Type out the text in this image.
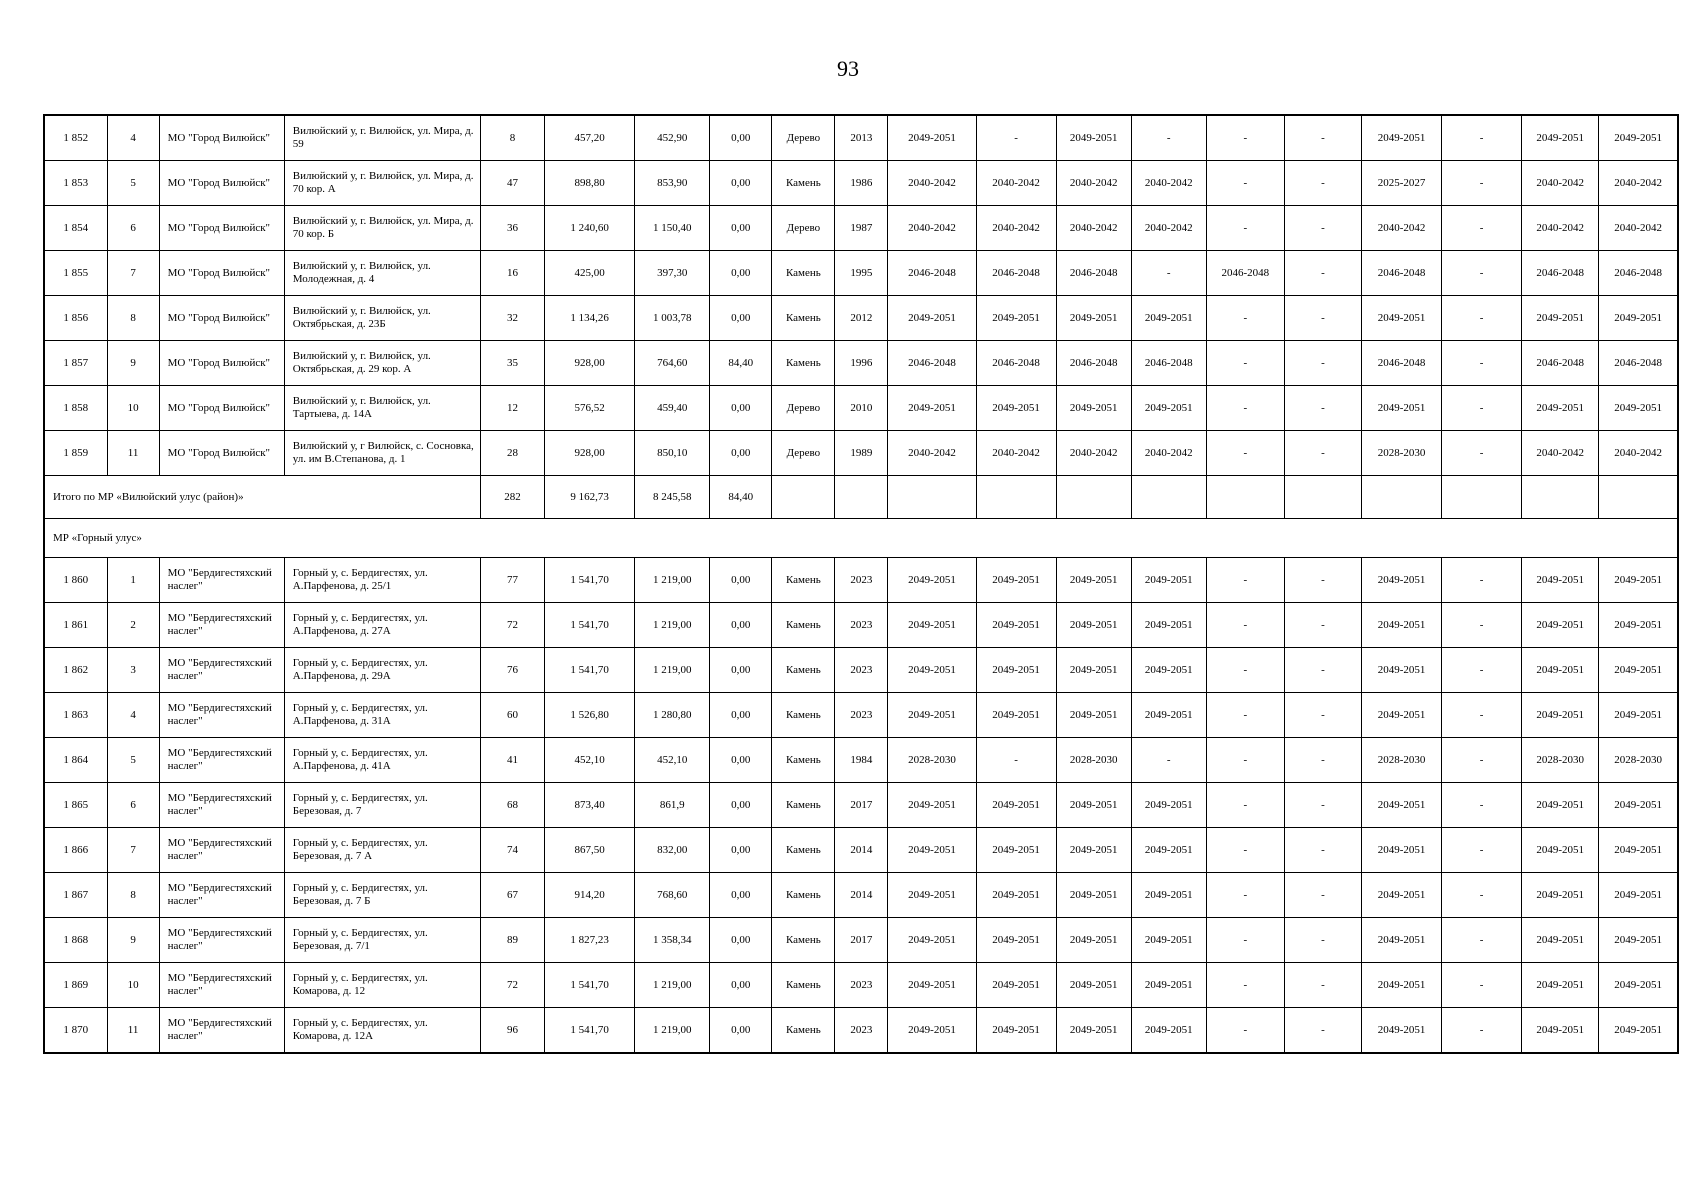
93
1 852	4	МО "Город Вилюйск"	Вилюйский у, г. Вилюйск, ул. Мира, д. 59	8	457,20	452,90	0,00	Дерево	2013	2049-2051	-	2049-2051	-	-	-	2049-2051	-	2049-2051	2049-2051
1 853	5	МО "Город Вилюйск"	Вилюйский у, г. Вилюйск, ул. Мира, д. 70 кор. А	47	898,80	853,90	0,00	Камень	1986	2040-2042	2040-2042	2040-2042	2040-2042	-	-	2025-2027	-	2040-2042	2040-2042
1 854	6	МО "Город Вилюйск"	Вилюйский у, г. Вилюйск, ул. Мира, д. 70 кор. Б	36	1 240,60	1 150,40	0,00	Дерево	1987	2040-2042	2040-2042	2040-2042	2040-2042	-	-	2040-2042	-	2040-2042	2040-2042
1 855	7	МО "Город Вилюйск"	Вилюйский у, г. Вилюйск, ул. Молодежная, д. 4	16	425,00	397,30	0,00	Камень	1995	2046-2048	2046-2048	2046-2048	-	2046-2048	-	2046-2048	-	2046-2048	2046-2048
1 856	8	МО "Город Вилюйск"	Вилюйский у, г. Вилюйск, ул. Октябрьская, д. 23Б	32	1 134,26	1 003,78	0,00	Камень	2012	2049-2051	2049-2051	2049-2051	2049-2051	-	-	2049-2051	-	2049-2051	2049-2051
1 857	9	МО "Город Вилюйск"	Вилюйский у, г. Вилюйск, ул. Октябрьская, д. 29 кор. А	35	928,00	764,60	84,40	Камень	1996	2046-2048	2046-2048	2046-2048	2046-2048	-	-	2046-2048	-	2046-2048	2046-2048
1 858	10	МО "Город Вилюйск"	Вилюйский у, г. Вилюйск, ул. Тартыева, д. 14А	12	576,52	459,40	0,00	Дерево	2010	2049-2051	2049-2051	2049-2051	2049-2051	-	-	2049-2051	-	2049-2051	2049-2051
1 859	11	МО "Город Вилюйск"	Вилюйский у, г Вилюйск, с. Сосновка, ул. им В.Степанова, д. 1	28	928,00	850,10	0,00	Дерево	1989	2040-2042	2040-2042	2040-2042	2040-2042	-	-	2028-2030	-	2040-2042	2040-2042
Итого по МР «Вилюйский улус (район)»				282	9 162,73	8 245,58	84,40												
МР «Горный улус»																			
1 860	1	МО "Бердигестяхский наслег"	Горный у, с. Бердигестях, ул. А.Парфенова, д. 25/1	77	1 541,70	1 219,00	0,00	Камень	2023	2049-2051	2049-2051	2049-2051	2049-2051	-	-	2049-2051	-	2049-2051	2049-2051
1 861	2	МО "Бердигестяхский наслег"	Горный у, с. Бердигестях, ул. А.Парфенова, д. 27А	72	1 541,70	1 219,00	0,00	Камень	2023	2049-2051	2049-2051	2049-2051	2049-2051	-	-	2049-2051	-	2049-2051	2049-2051
1 862	3	МО "Бердигестяхский наслег"	Горный у, с. Бердигестях, ул. А.Парфенова, д. 29А	76	1 541,70	1 219,00	0,00	Камень	2023	2049-2051	2049-2051	2049-2051	2049-2051	-	-	2049-2051	-	2049-2051	2049-2051
1 863	4	МО "Бердигестяхский наслег"	Горный у, с. Бердигестях, ул. А.Парфенова, д. 31А	60	1 526,80	1 280,80	0,00	Камень	2023	2049-2051	2049-2051	2049-2051	2049-2051	-	-	2049-2051	-	2049-2051	2049-2051
1 864	5	МО "Бердигестяхский наслег"	Горный у, с. Бердигестях, ул. А.Парфенова, д. 41А	41	452,10	452,10	0,00	Камень	1984	2028-2030	-	2028-2030	-	-	-	2028-2030	-	2028-2030	2028-2030
1 865	6	МО "Бердигестяхский наслег"	Горный у, с. Бердигестях, ул. Березовая, д. 7	68	873,40	861,9	0,00	Камень	2017	2049-2051	2049-2051	2049-2051	2049-2051	-	-	2049-2051	-	2049-2051	2049-2051
1 866	7	МО "Бердигестяхский наслег"	Горный у, с. Бердигестях, ул. Березовая, д. 7 А	74	867,50	832,00	0,00	Камень	2014	2049-2051	2049-2051	2049-2051	2049-2051	-	-	2049-2051	-	2049-2051	2049-2051
1 867	8	МО "Бердигестяхский наслег"	Горный у, с. Бердигестях, ул. Березовая, д. 7 Б	67	914,20	768,60	0,00	Камень	2014	2049-2051	2049-2051	2049-2051	2049-2051	-	-	2049-2051	-	2049-2051	2049-2051
1 868	9	МО "Бердигестяхский наслег"	Горный у, с. Бердигестях, ул. Березовая, д. 7/1	89	1 827,23	1 358,34	0,00	Камень	2017	2049-2051	2049-2051	2049-2051	2049-2051	-	-	2049-2051	-	2049-2051	2049-2051
1 869	10	МО "Бердигестяхский наслег"	Горный у, с. Бердигестях, ул. Комарова, д. 12	72	1 541,70	1 219,00	0,00	Камень	2023	2049-2051	2049-2051	2049-2051	2049-2051	-	-	2049-2051	-	2049-2051	2049-2051
1 870	11	МО "Бердигестяхский наслег"	Горный у, с. Бердигестях, ул. Комарова, д. 12А	96	1 541,70	1 219,00	0,00	Камень	2023	2049-2051	2049-2051	2049-2051	2049-2051	-	-	2049-2051	-	2049-2051	2049-2051
